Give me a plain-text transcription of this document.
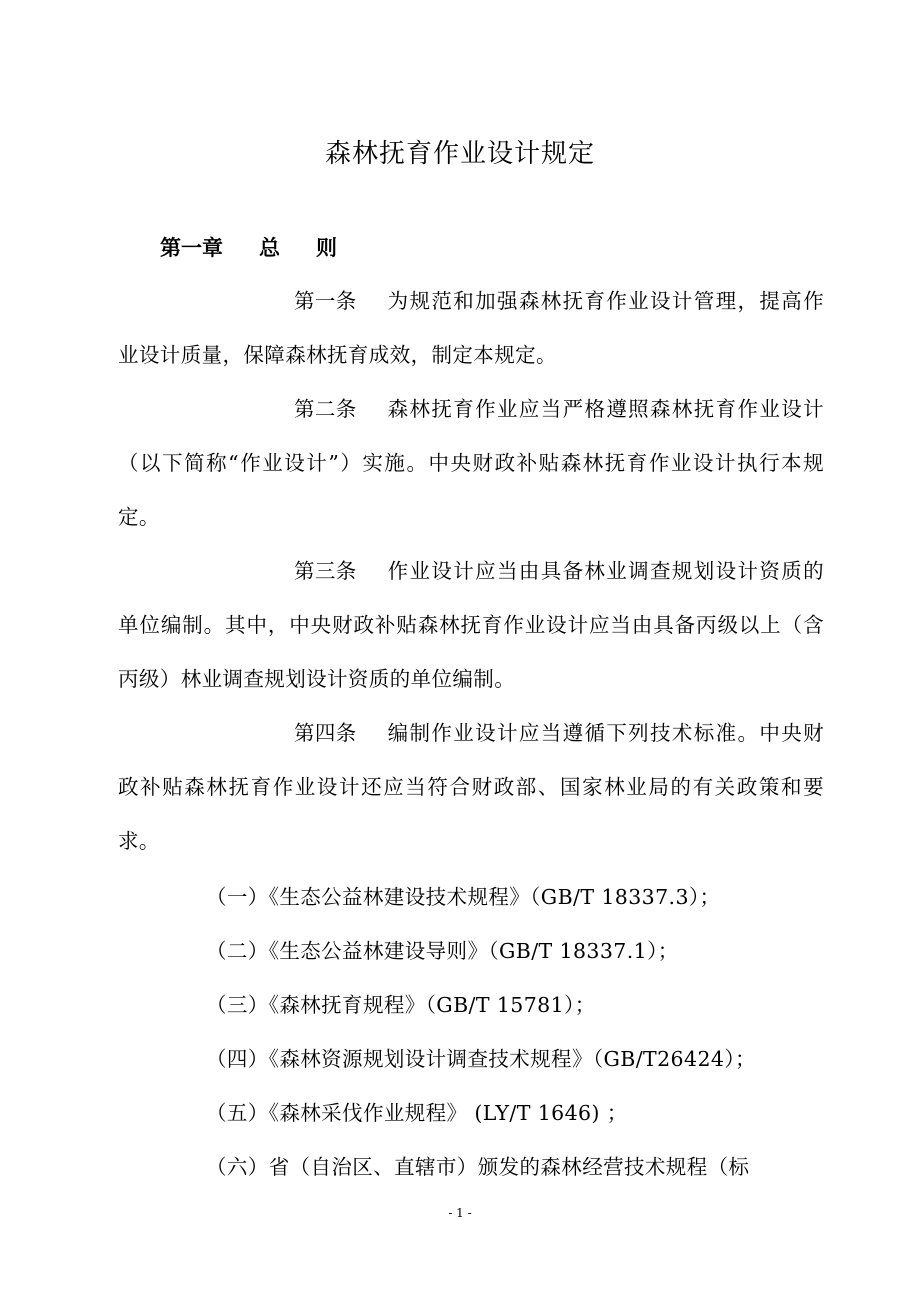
森林抚育作业设计规定
第一章 总 则
第一条 为规范和加强森林抚育作业设计管理，提高作业设计质量，保障森林抚育成效，制定本规定。
第二条 森林抚育作业应当严格遵照森林抚育作业设计（以下简称“作业设计”）实施。中央财政补贴森林抚育作业设计执行本规定。
第三条 作业设计应当由具备林业调查规划设计资质的单位编制。其中，中央财政补贴森林抚育作业设计应当由具备丙级以上（含丙级）林业调查规划设计资质的单位编制。
第四条 编制作业设计应当遵循下列技术标准。中央财政补贴森林抚育作业设计还应当符合财政部、国家林业局的有关政策和要求。
（一）《生态公益林建设技术规程》（GB/T 18337.3）；
（二）《生态公益林建设导则》（GB/T 18337.1）；
（三）《森林抚育规程》（GB/T 15781）；
（四）《森林资源规划设计调查技术规程》（GB/T26424）；
（五）《森林采伐作业规程》 (LY/T 1646) ；
（六）省（自治区、直辖市）颁发的森林经营技术规程（标
- 1 -
